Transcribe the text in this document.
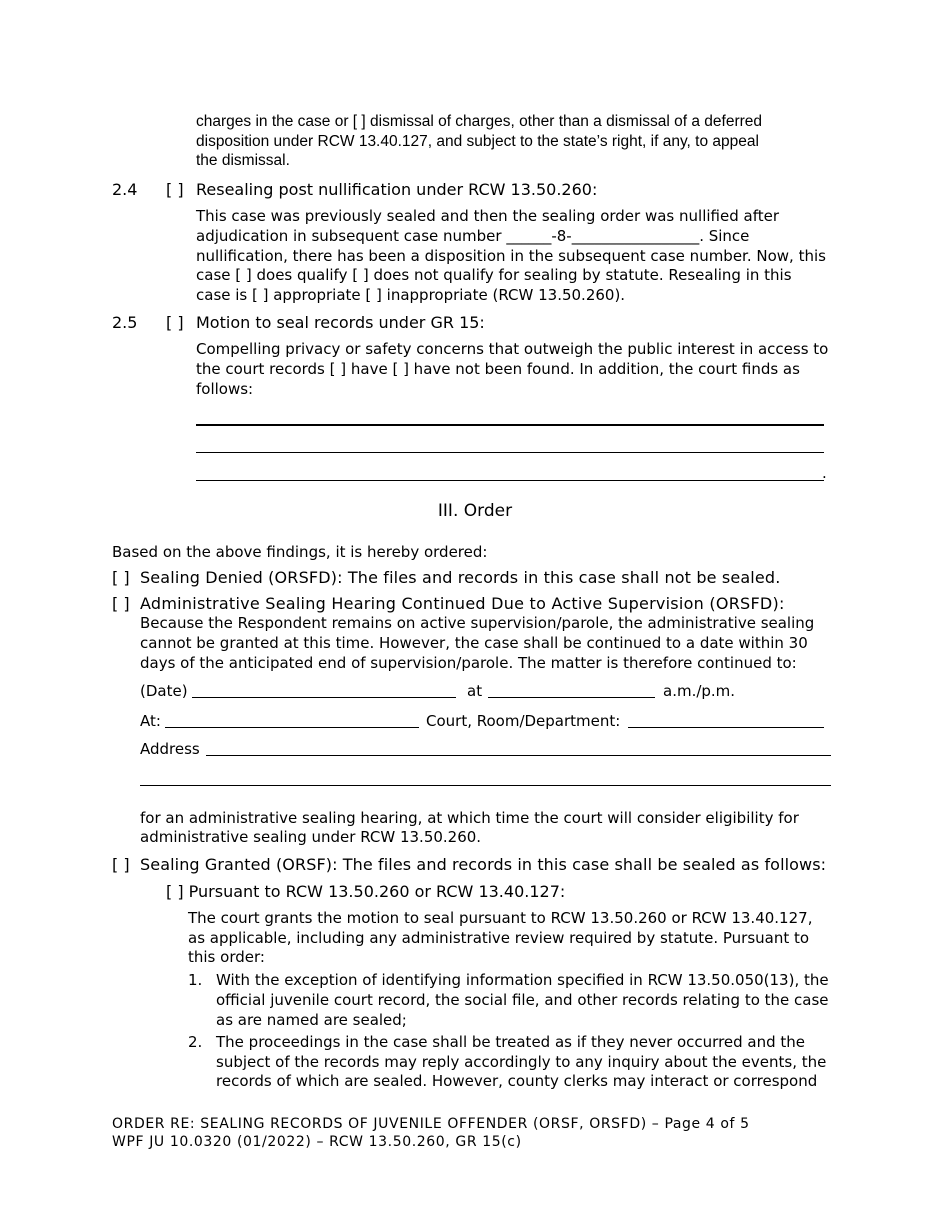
charges in the case or [ ] dismissal of charges, other than a dismissal of a deferred

disposition under RCW 13.40.127, and subject to the state’s right, if any, to appeal

the dismissal.

2.4 [ ] Resealing post nullification under RCW 13.50.260:

This case was previously sealed and then the sealing order was nullified after

adjudication in subsequent case number ______-8-_________________. Since

nullification, there has been a disposition in the subsequent case number. Now, this

case [ ] does qualify [ ] does not qualify for sealing by statute. Resealing in this

case is [ ] appropriate [ ] inappropriate (RCW 13.50.260).

2.5 [ ] Motion to seal records under GR 15:

Compelling privacy or safety concerns that outweigh the public interest in access to

the court records [ ] have [ ] have not been found. In addition, the court finds as

follows:

.

III. Order

Based on the above findings, it is hereby ordered:

[ ] Sealing Denied (ORSFD): The files and records in this case shall not be sealed.

[ ] Administrative Sealing Hearing Continued Due to Active Supervision (ORSFD):

Because the Respondent remains on active supervision/parole, the administrative sealing

cannot be granted at this time. However, the case shall be continued to a date within 30

days of the anticipated end of supervision/parole. The matter is therefore continued to:

(Date)	at	a.m./p.m.

At:	Court, Room/Department:

Address

for an administrative sealing hearing, at which time the court will consider eligibility for

administrative sealing under RCW 13.50.260.

[ ] Sealing Granted (ORSF): The files and records in this case shall be sealed as follows:

[ ] Pursuant to RCW 13.50.260 or RCW 13.40.127:

The court grants the motion to seal pursuant to RCW 13.50.260 or RCW 13.40.127,

as applicable, including any administrative review required by statute. Pursuant to

this order:

1. With the exception of identifying information specified in RCW 13.50.050(13), the

official juvenile court record, the social file, and other records relating to the case

as are named are sealed;

2. The proceedings in the case shall be treated as if they never occurred and the

subject of the records may reply accordingly to any inquiry about the events, the

records of which are sealed. However, county clerks may interact or correspond

ORDER RE: SEALING RECORDS OF JUVENILE OFFENDER (ORSF, ORSFD) – Page 4 of 5

WPF JU 10.0320 (01/2022) – RCW 13.50.260, GR 15(c)
